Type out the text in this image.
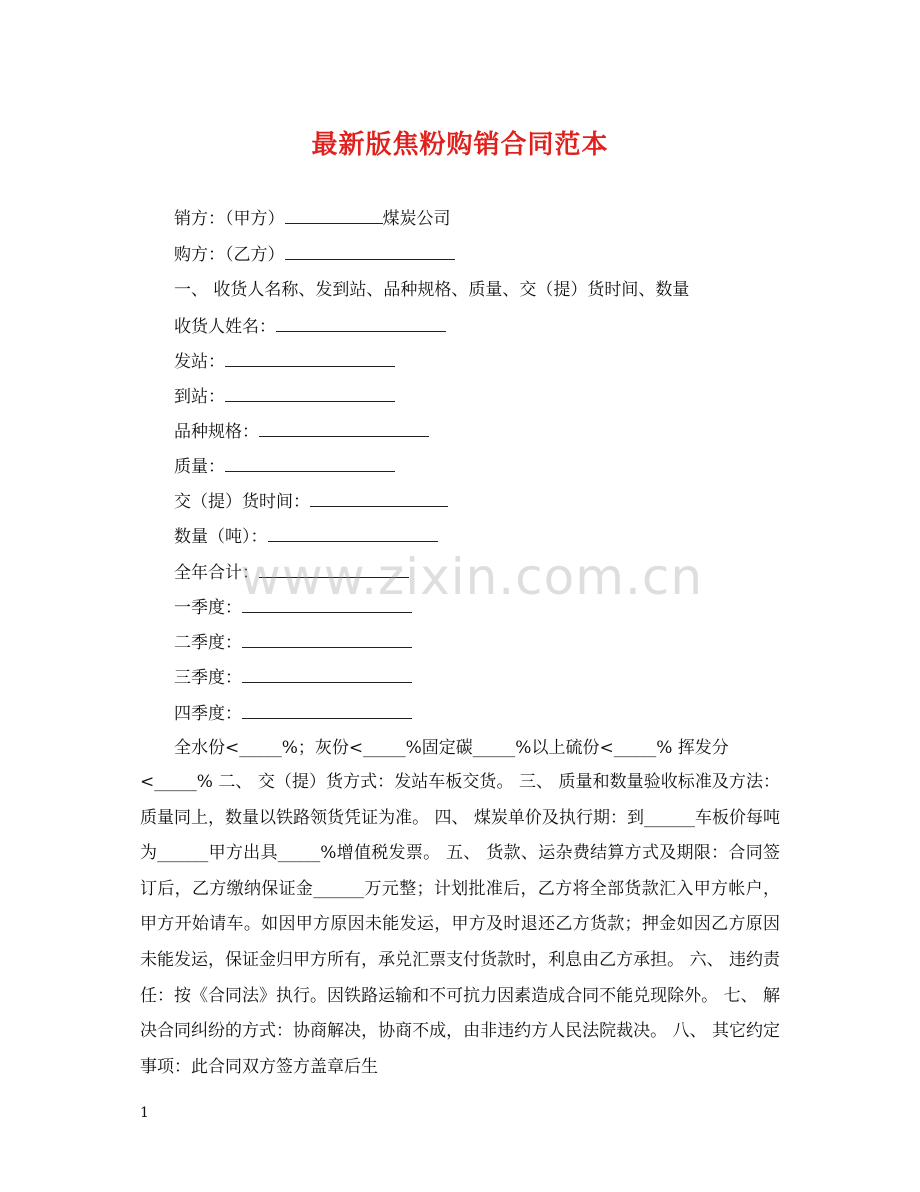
最新版焦粉购销合同范本
销方：（甲方）	煤炭公司
购方：（乙方）
一、 收货人名称、发到站、品种规格、质量、交（提）货时间、数量
收货人姓名：
发站：
到站：
品种规格：
质量：
交（提）货时间：
数量（吨）：
全年合计：
一季度：
二季度：
三季度：
四季度：
全水份<_____%；灰份<_____%固定碳_____%以上硫份<_____% 挥发分

<_____% 二、 交（提）货方式：发站车板交货。 三、 质量和数量验收标准及方法：质量同上，数量以铁路领货凭证为准。 四、 煤炭单价及执行期：到______车板价每吨为______甲方出具_____%增值税发票。 五、 货款、运杂费结算方式及期限：合同签订后，乙方缴纳保证金______万元整；计划批准后，乙方将全部货款汇入甲方帐户，甲方开始请车。如因甲方原因未能发运，甲方及时退还乙方货款；押金如因乙方原因未能发运，保证金归甲方所有，承兑汇票支付货款时，利息由乙方承担。 六、 违约责任：按《合同法》执行。因铁路运输和不可抗力因素造成合同不能兑现除外。 七、 解决合同纠纷的方式：协商解决，协商不成，由非违约方人民法院裁决。 八、 其它约定事项：此合同双方签方盖章后生

www.zixin.com.cn
1
